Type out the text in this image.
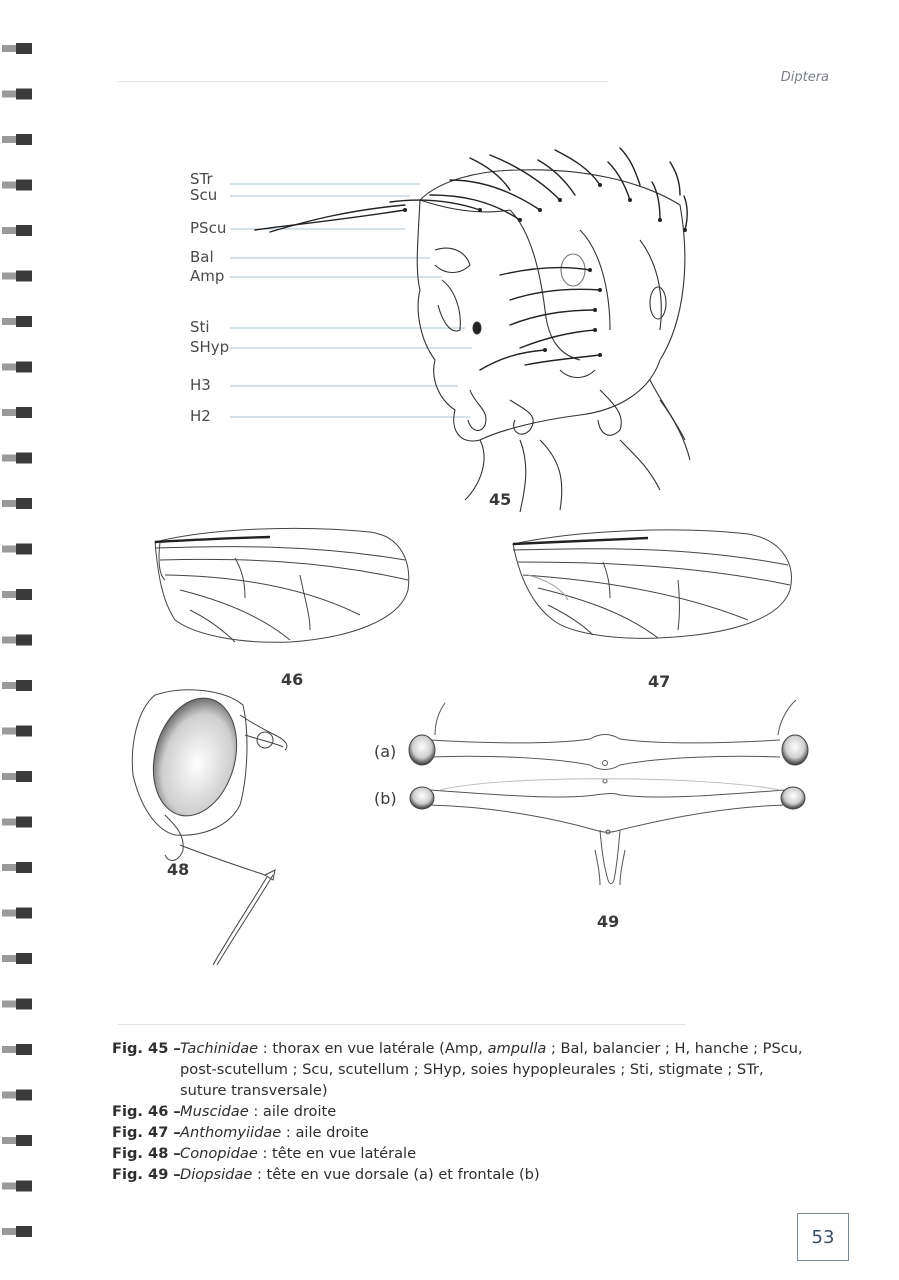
Diptera
STr
Scu
PScu
Bal
Amp
Sti
SHyp
H3
H2
45
46	47
48
(a)
(b)
49
Fig. 45 – Tachinidae : thorax en vue latérale (Amp, ampulla ; Bal, balancier ; H, hanche ; PScu, post-scutellum ; Scu, scutellum ; SHyp, soies hypopleurales ; Sti, stigmate ; STr, suture transversale)
Fig. 46 – Muscidae : aile droite
Fig. 47 – Anthomyiidae : aile droite
Fig. 48 – Conopidae : tête en vue latérale
Fig. 49 – Diopsidae : tête en vue dorsale (a) et frontale (b)
53
